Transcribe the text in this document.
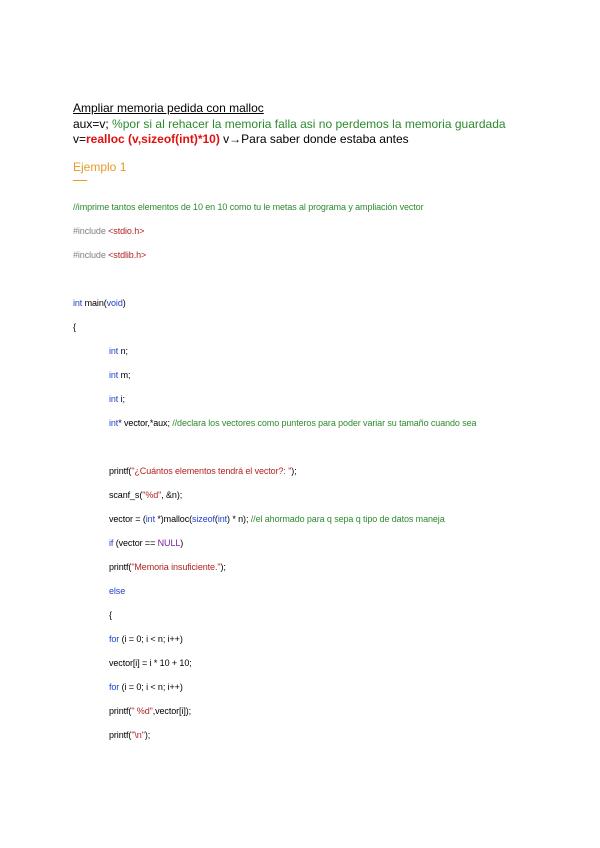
Ampliar memoria pedida con malloc
aux=v; %por si al rehacer la memoria falla asi no perdemos la memoria guardada
v=realloc (v,sizeof(int)*10) v→Para saber donde estaba antes
Ejemplo 1
//imprime tantos elementos de 10 en 10 como tu le metas al programa y ampliación vector
#include <stdio.h>
#include <stdlib.h>
int main(void)
{
int n;
int m;
int i;
int* vector,*aux; //declara los vectores como punteros para poder variar su tamaño cuando sea
printf("¿Cuántos elementos tendrá el vector?: ");
scanf_s("%d", &n);
vector = (int *)malloc(sizeof(int) * n); //el ahormado para q sepa q tipo de datos maneja
if (vector == NULL)
printf("Memoria insuficiente.");
else
{
for (i = 0; i < n; i++)
vector[i] = i * 10 + 10;
for (i = 0; i < n; i++)
printf(" %d",vector[i]);
printf("\n");
